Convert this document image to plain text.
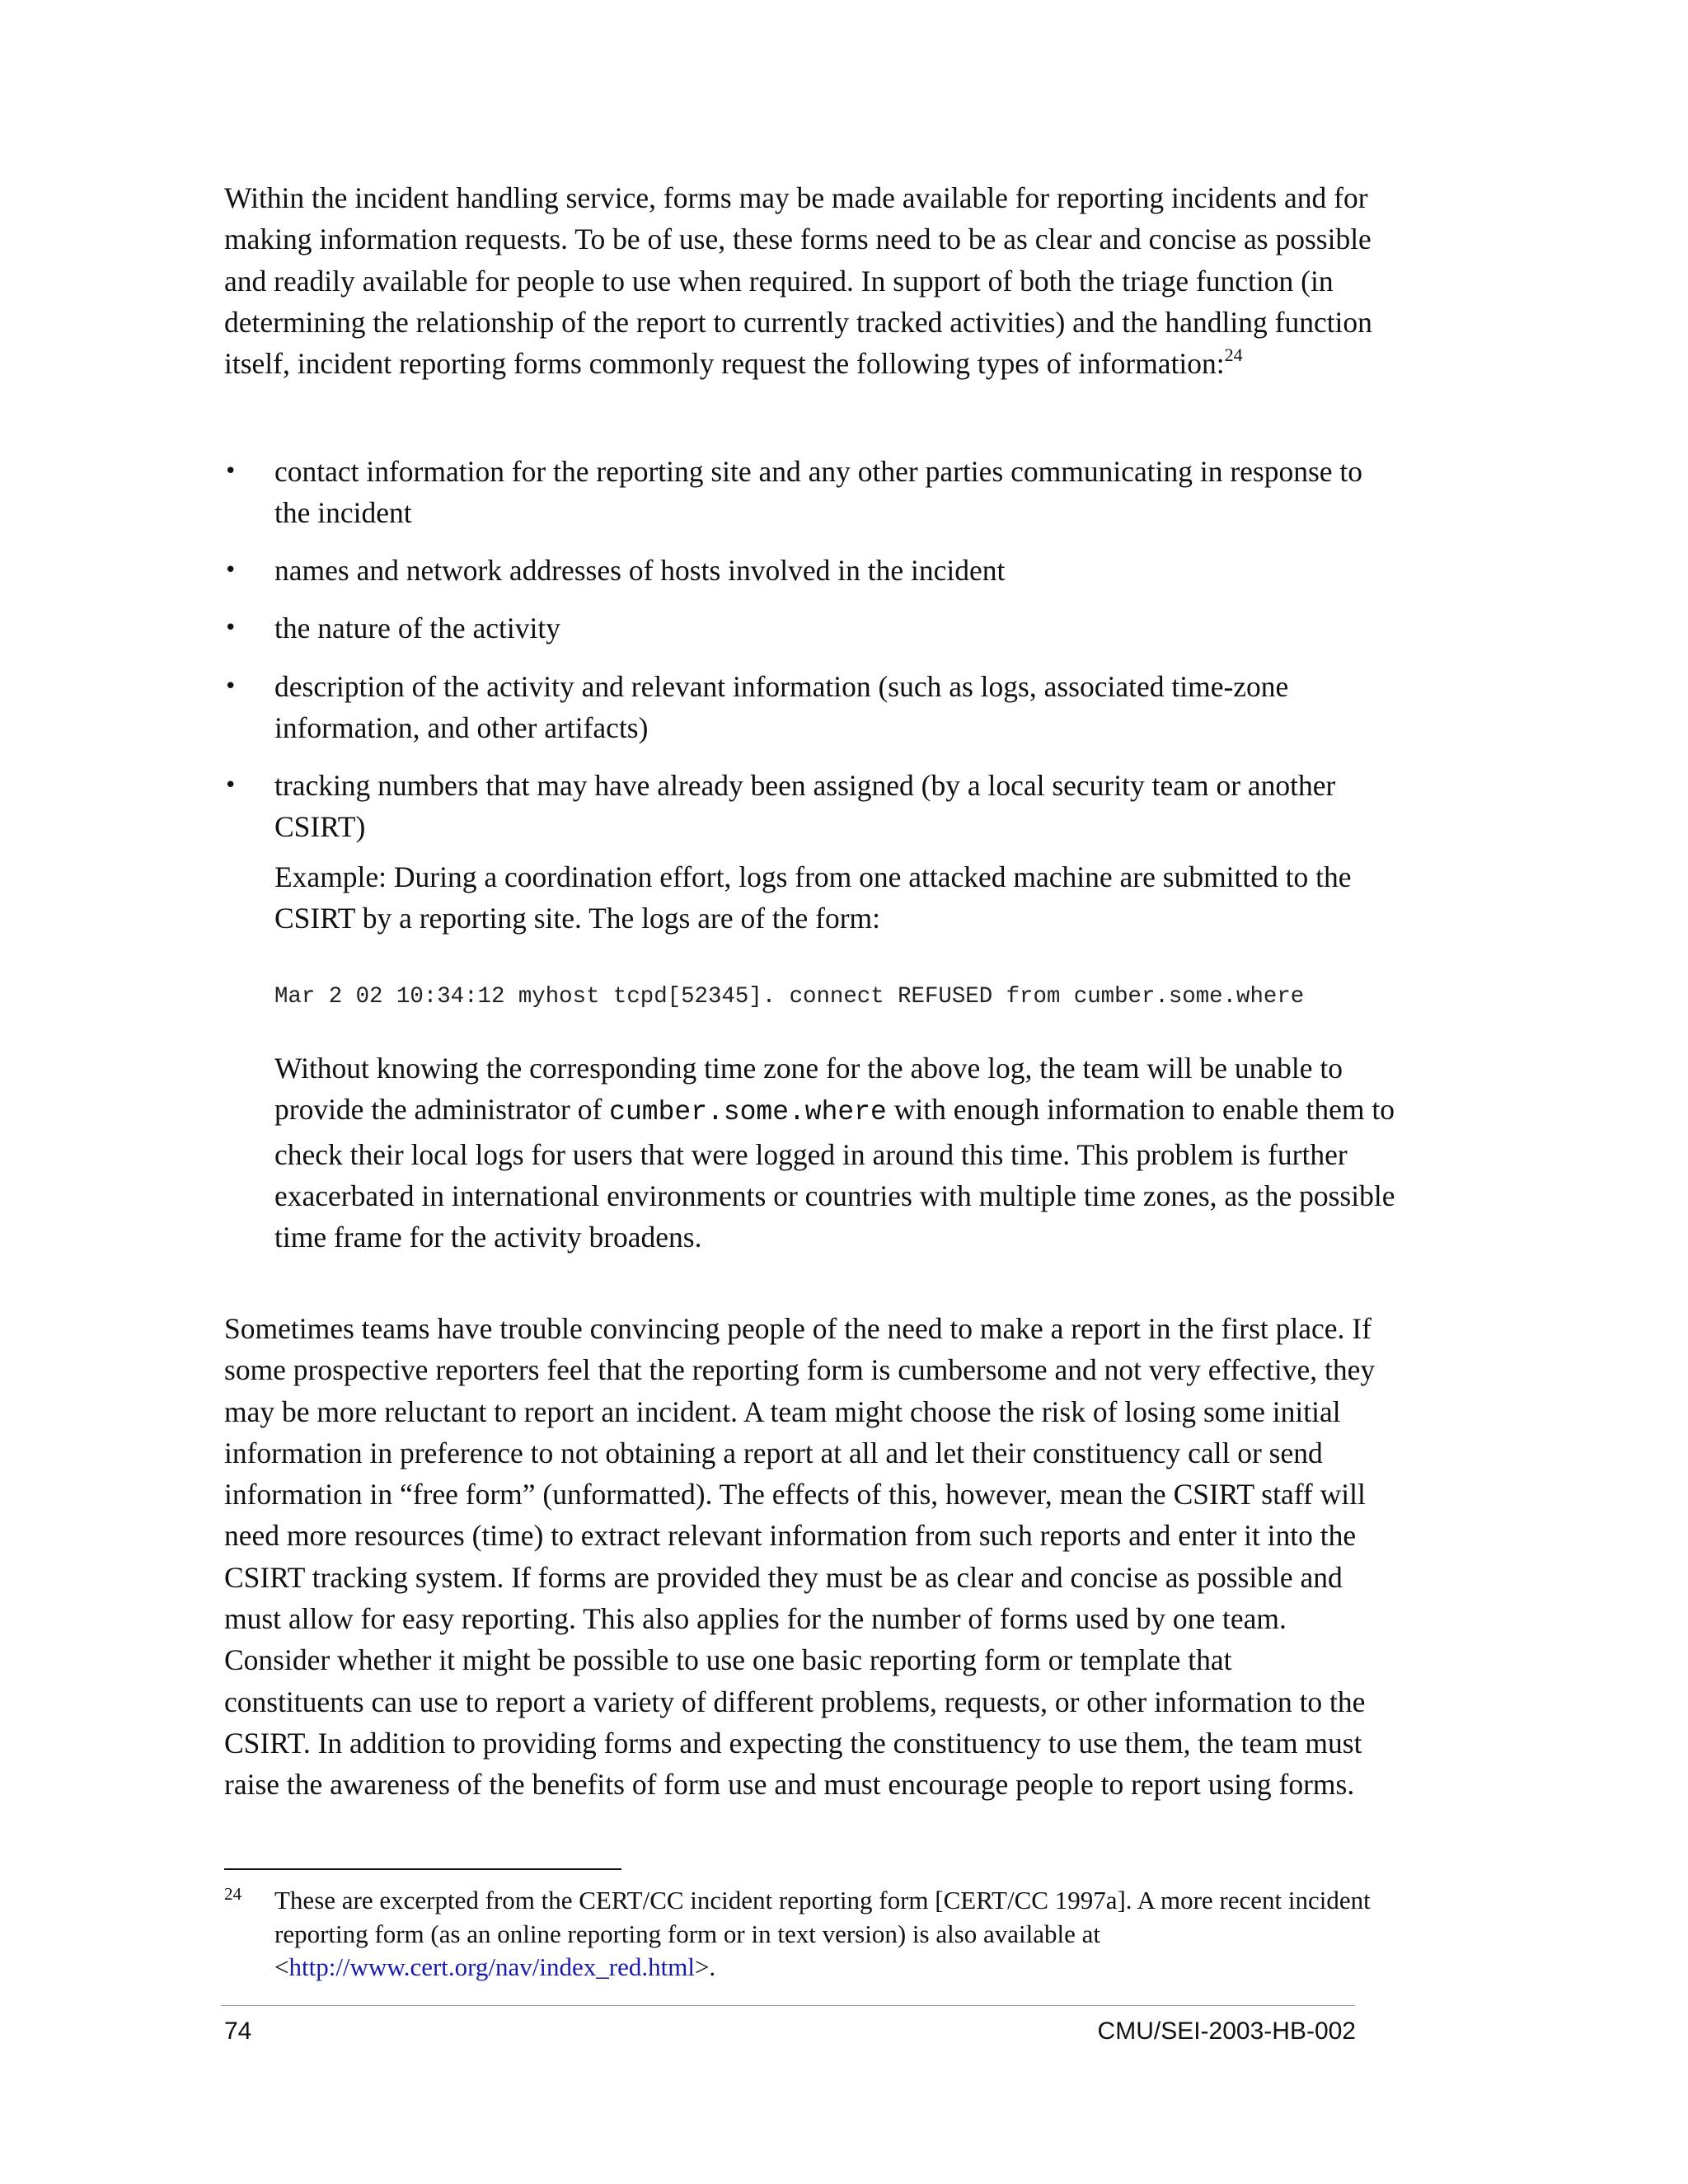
Within the incident handling service, forms may be made available for reporting incidents and for making information requests. To be of use, these forms need to be as clear and concise as possible and readily available for people to use when required. In support of both the triage function (in determining the relationship of the report to currently tracked activities) and the handling function itself, incident reporting forms commonly request the following types of information:$^{24}$

•	contact information for the reporting site and any other parties communicating in response to the incident
•	names and network addresses of hosts involved in the incident
•	the nature of the activity
•	description of the activity and relevant information (such as logs, associated time-zone information, and other artifacts)
•	tracking numbers that may have already been assigned (by a local security team or another CSIRT)

Example: During a coordination effort, logs from one attacked machine are submitted to the CSIRT by a reporting site. The logs are of the form:

Mar 2 02 10:34:12 myhost tcpd[52345]. connect REFUSED from cumber.some.where

Without knowing the corresponding time zone for the above log, the team will be unable to provide the administrator of cumber.some.where with enough information to enable them to check their local logs for users that were logged in around this time. This problem is further exacerbated in international environments or countries with multiple time zones, as the possible time frame for the activity broadens.

Sometimes teams have trouble convincing people of the need to make a report in the first place. If some prospective reporters feel that the reporting form is cumbersome and not very effective, they may be more reluctant to report an incident. A team might choose the risk of losing some initial information in preference to not obtaining a report at all and let their constituency call or send information in “free form” (unformatted). The effects of this, however, mean the CSIRT staff will need more resources (time) to extract relevant information from such reports and enter it into the CSIRT tracking system. If forms are provided they must be as clear and concise as possible and must allow for easy reporting. This also applies for the number of forms used by one team. Consider whether it might be possible to use one basic reporting form or template that constituents can use to report a variety of different problems, requests, or other information to the CSIRT. In addition to providing forms and expecting the constituency to use them, the team must raise the awareness of the benefits of form use and must encourage people to report using forms.

24 These are excerpted from the CERT/CC incident reporting form [CERT/CC 1997a]. A more recent incident reporting form (as an online reporting form or in text version) is also available at <http://www.cert.org/nav/index_red.html>.
74	CMU/SEI-2003-HB-002
